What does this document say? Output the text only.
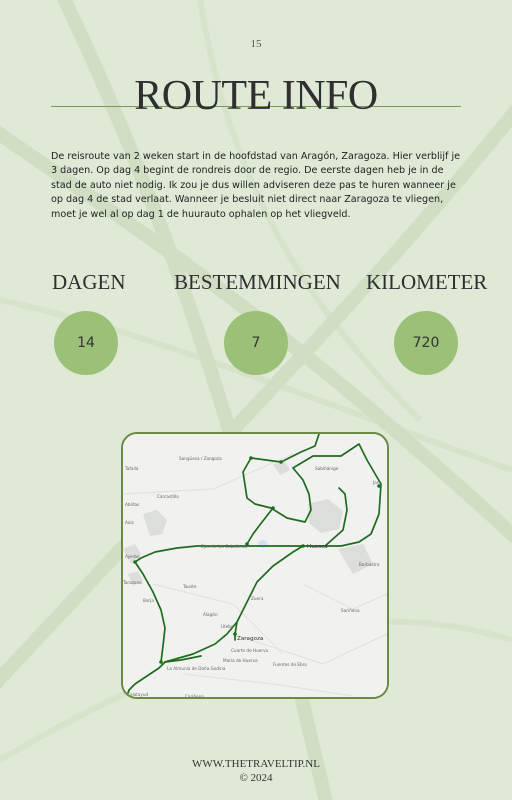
15
ROUTE INFO

De reisroute van 2 weken start in de hoofdstad van Aragón, Zaragoza. Hier verblijf je 3 dagen. Op dag 4 begint de rondreis door de regio. De eerste dagen heb je in de stad de auto niet nodig. Ik zou je dus willen adviseren deze pas te huren wanneer je op dag 4 de stad verlaat. Wanneer je besluit niet direct naar Zaragoza te vliegen, moet je wel al op dag 1 de huurauto ophalen op het vliegveld.

DAGEN BESTEMMINGEN KILOMETER
14	7	720
Sangüesa / Zangoza
Tafalla
Carcastillo
Ablitas
Ejea de los Caballeros	Huesca
Sabiñánigo
Jaca
Tauste
Alagón
Utebo
Zuera
Sariñena
Zaragoza
Cuarte de Huerva
María de Huerva
Fuentes de Ebro
La Almunia de Doña Godina
Calatayud	Cariñena
Borja
Tarazona
Aoiz
Barbastro
Ayerbe
WWW.THETRAVELTIP.NL
© 2024
